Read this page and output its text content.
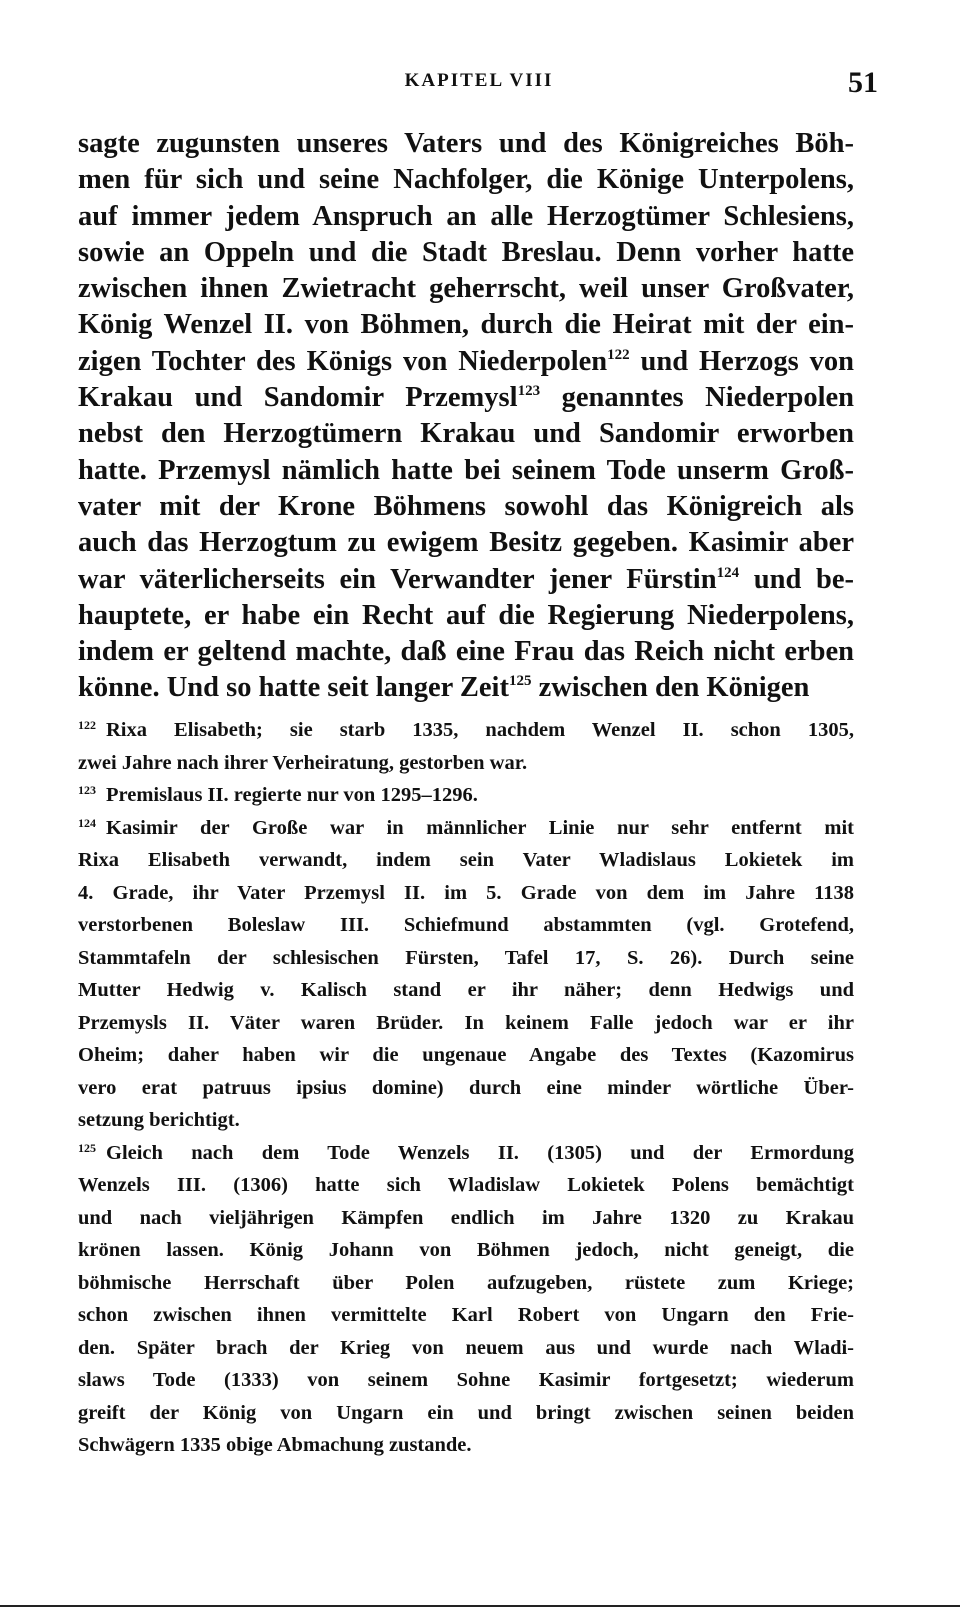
KAPITEL VIII	51
sagte zugunsten unseres Vaters und des Königreiches Böh-
men für sich und seine Nachfolger, die Könige Unterpolens,
auf immer jedem Anspruch an alle Herzogtümer Schlesiens,
sowie an Oppeln und die Stadt Breslau. Denn vorher hatte
zwischen ihnen Zwietracht geherrscht, weil unser Großvater,
König Wenzel II. von Böhmen, durch die Heirat mit der ein-
zigen Tochter des Königs von Niederpolen$^{122}$ und Herzogs von
Krakau und Sandomir Przemysl$^{123}$ genanntes Niederpolen
nebst den Herzogtümern Krakau und Sandomir erworben
hatte. Przemysl nämlich hatte bei seinem Tode unserm Groß-
vater mit der Krone Böhmens sowohl das Königreich als
auch das Herzogtum zu ewigem Besitz gegeben. Kasimir aber
war väterlicherseits ein Verwandter jener Fürstin$^{124}$ und be-
hauptete, er habe ein Recht auf die Regierung Niederpolens,
indem er geltend machte, daß eine Frau das Reich nicht erben
könne. Und so hatte seit langer Zeit$^{125}$ zwischen den Königen
$^{122}$ Rixa Elisabeth; sie starb 1335, nachdem Wenzel II. schon 1305,
zwei Jahre nach ihrer Verheiratung, gestorben war.
$^{123}$ Premislaus II. regierte nur von 1295–1296.
$^{124}$ Kasimir der Große war in männlicher Linie nur sehr entfernt mit
Rixa Elisabeth verwandt, indem sein Vater Wladislaus Lokietek im
4. Grade, ihr Vater Przemysl II. im 5. Grade von dem im Jahre 1138
verstorbenen Boleslaw III. Schiefmund abstammten (vgl. Grotefend,
Stammtafeln der schlesischen Fürsten, Tafel 17, S. 26). Durch seine
Mutter Hedwig v. Kalisch stand er ihr näher; denn Hedwigs und
Przemysls II. Väter waren Brüder. In keinem Falle jedoch war er ihr
Oheim; daher haben wir die ungenaue Angabe des Textes (Kazomirus
vero erat patruus ipsius domine) durch eine minder wörtliche Über-
setzung berichtigt.
$^{125}$ Gleich nach dem Tode Wenzels II. (1305) und der Ermordung
Wenzels III. (1306) hatte sich Wladislaw Lokietek Polens bemächtigt
und nach vieljährigen Kämpfen endlich im Jahre 1320 zu Krakau
krönen lassen. König Johann von Böhmen jedoch, nicht geneigt, die
böhmische Herrschaft über Polen aufzugeben, rüstete zum Kriege;
schon zwischen ihnen vermittelte Karl Robert von Ungarn den Frie-
den. Später brach der Krieg von neuem aus und wurde nach Wladi-
slaws Tode (1333) von seinem Sohne Kasimir fortgesetzt; wiederum
greift der König von Ungarn ein und bringt zwischen seinen beiden
Schwägern 1335 obige Abmachung zustande.
